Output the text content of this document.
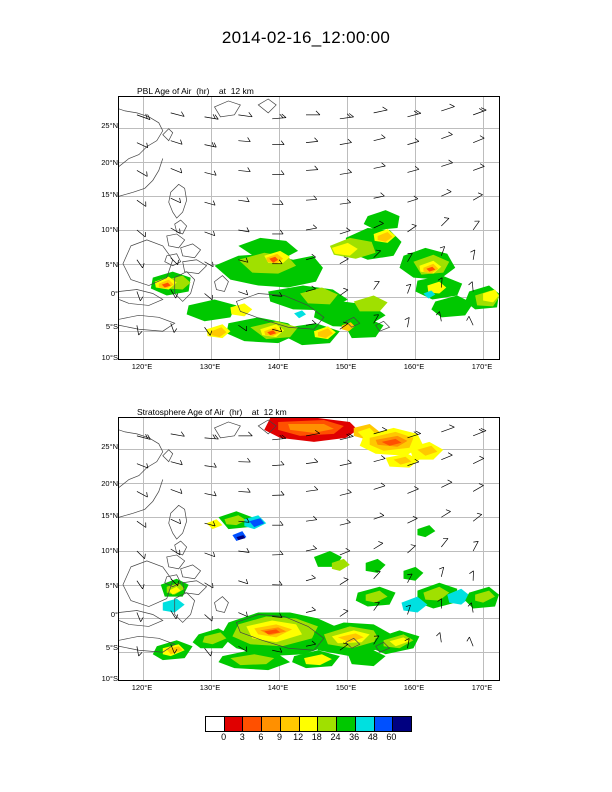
2014-02-16_12:00:00

PBL Age of Air  (hr)    at  12 km

25°N
20°N
15°N
10°N
5°N
0°
5°S
10°S
120°E	130°E	140°E	150°E	160°E	170°E

Stratosphere Age of Air  (hr)    at  12 km

25°N
20°N
15°N
10°N
5°N
0°
5°S
10°S
120°E	130°E	140°E	150°E	160°E	170°E
0 3 6 9 12 18 24 36 48 60
